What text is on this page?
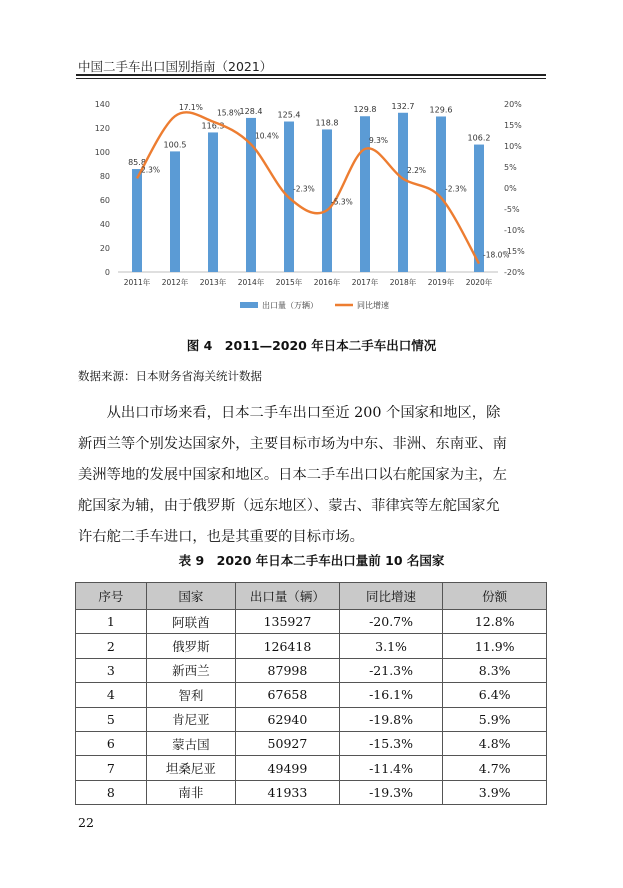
中国二手车出口国别指南（2021）
0
20
40
60
80
100
120
140
-20%
-15%
-10%
-5%
0%
5%
10%
15%
20%
85.8
2011年
100.5
2012年
116.3
2013年
128.4
2014年
125.4
2015年
118.8
2016年
129.8
2017年
132.7
2018年
129.6
2019年
106.2
2020年
2.3%
17.1%
15.8%
10.4%
-2.3%
-5.3%
9.3%
2.2%
-2.3%
-18.0%
出口量（万辆）	同比增速
图 4　2011—2020 年日本二手车出口情况
数据来源：日本财务省海关统计数据
　　从出口市场来看，日本二手车出口至近 200 个国家和地区，除
新西兰等个别发达国家外，主要目标市场为中东、非洲、东南亚、南
美洲等地的发展中国家和地区。日本二手车出口以右舵国家为主，左
舵国家为辅，由于俄罗斯（远东地区）、蒙古、菲律宾等左舵国家允
许右舵二手车进口，也是其重要的目标市场。
表 9　2020 年日本二手车出口量前 10 名国家
序号	国家	出口量（辆）	同比增速	份额
1	阿联酋	135927	-20.7%	12.8%
2	俄罗斯	126418	3.1%	11.9%
3	新西兰	87998	-21.3%	8.3%
4	智利	67658	-16.1%	6.4%
5	肯尼亚	62940	-19.8%	5.9%
6	蒙古国	50927	-15.3%	4.8%
7	坦桑尼亚	49499	-11.4%	4.7%
8	南非	41933	-19.3%	3.9%
22
